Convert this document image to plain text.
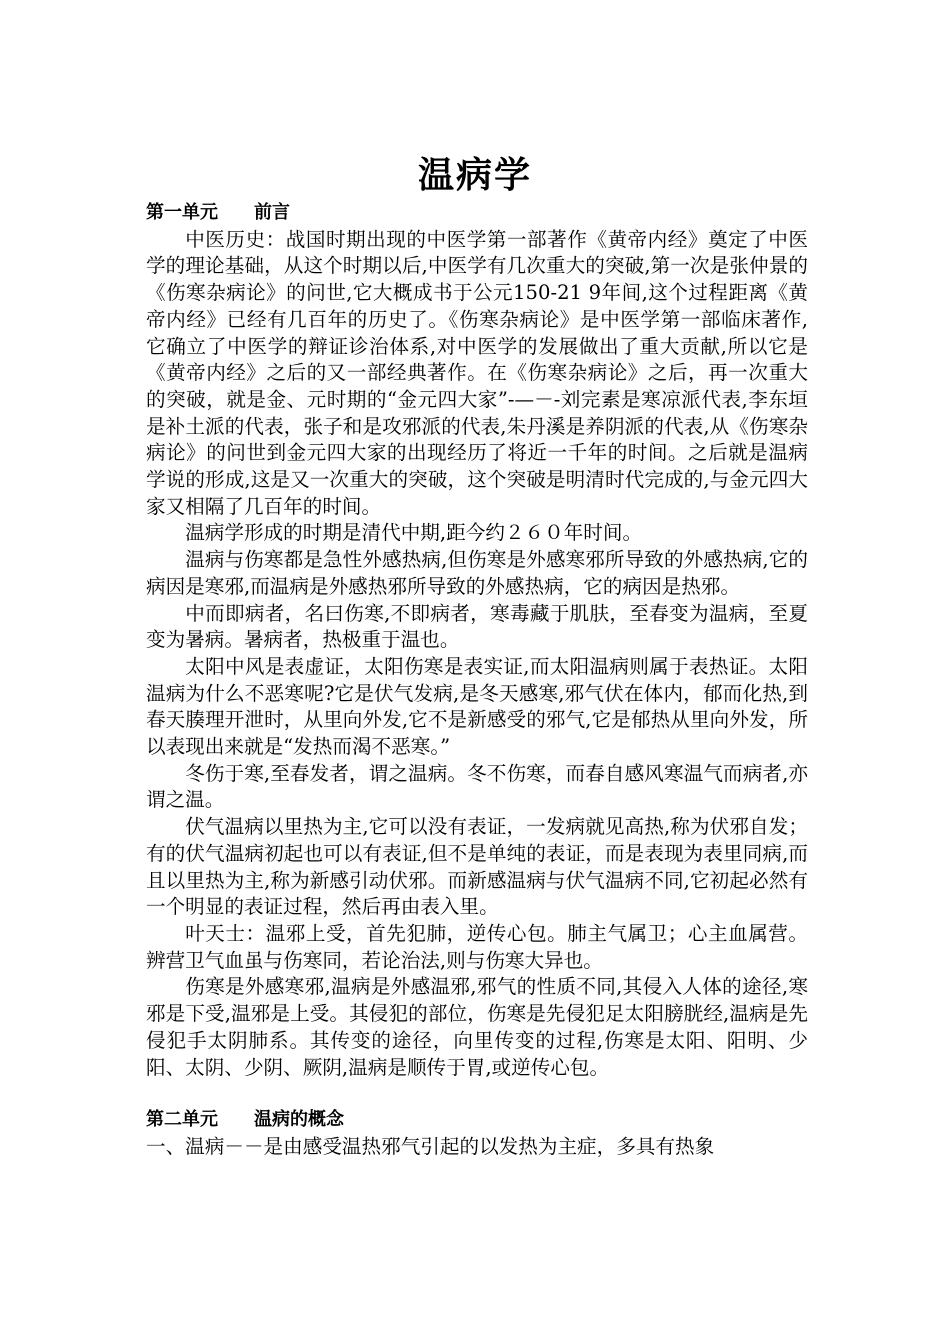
温病学
第一单元　　前言

中医历史：战国时期出现的中医学第一部著作《黄帝内经》奠定了中医学的理论基础，从这个时期以后,中医学有几次重大的突破,第一次是张仲景的《伤寒杂病论》的问世,它大概成书于公元150-21 9年间,这个过程距离《黄帝内经》已经有几百年的历史了。《伤寒杂病论》是中医学第一部临床著作,它确立了中医学的辩证诊治体系,对中医学的发展做出了重大贡献,所以它是《黄帝内经》之后的又一部经典著作。在《伤寒杂病论》之后，再一次重大的突破，就是金、元时期的“金元四大家”-—－-刘完素是寒凉派代表,李东垣是补土派的代表，张子和是攻邪派的代表,朱丹溪是养阴派的代表,从《伤寒杂病论》的问世到金元四大家的出现经历了将近一千年的时间。之后就是温病学说的形成,这是又一次重大的突破，这个突破是明清时代完成的,与金元四大家又相隔了几百年的时间。

温病学形成的时期是清代中期,距今约２６０年时间。

温病与伤寒都是急性外感热病,但伤寒是外感寒邪所导致的外感热病,它的病因是寒邪,而温病是外感热邪所导致的外感热病，它的病因是热邪。

中而即病者，名曰伤寒,不即病者，寒毒藏于肌肤，至春变为温病，至夏变为暑病。暑病者，热极重于温也。

太阳中风是表虚证，太阳伤寒是表实证,而太阳温病则属于表热证。太阳温病为什么不恶寒呢?它是伏气发病,是冬天感寒,邪气伏在体内，郁而化热,到春天腠理开泄时，从里向外发,它不是新感受的邪气,它是郁热从里向外发，所以表现出来就是“发热而渴不恶寒。”

冬伤于寒,至春发者，谓之温病。冬不伤寒，而春自感风寒温气而病者,亦谓之温。

伏气温病以里热为主,它可以没有表证，一发病就见高热,称为伏邪自发；有的伏气温病初起也可以有表证,但不是单纯的表证，而是表现为表里同病,而且以里热为主,称为新感引动伏邪。而新感温病与伏气温病不同,它初起必然有一个明显的表证过程，然后再由表入里。

叶天士：温邪上受，首先犯肺，逆传心包。肺主气属卫；心主血属营。辨营卫气血虽与伤寒同，若论治法,则与伤寒大异也。

伤寒是外感寒邪,温病是外感温邪,邪气的性质不同,其侵入人体的途径,寒邪是下受,温邪是上受。其侵犯的部位，伤寒是先侵犯足太阳膀胱经,温病是先侵犯手太阴肺系。其传变的途径，向里传变的过程,伤寒是太阳、阳明、少阳、太阴、少阴、厥阴,温病是顺传于胃,或逆传心包。

第二单元　　温病的概念

一、温病－－是由感受温热邪气引起的以发热为主症，多具有热象
